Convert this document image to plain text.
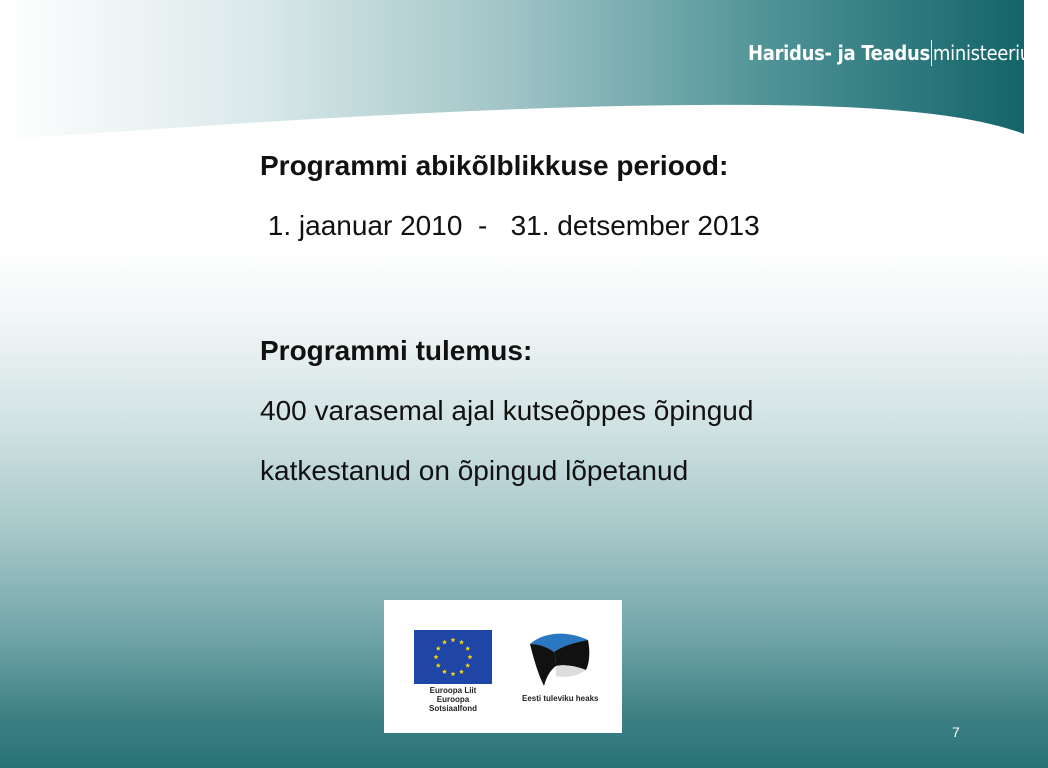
Haridus- ja Teadus ministeerium
Programmi abikõlblikkuse periood:
1. jaanuar 2010  -   31. detsember 2013
Programmi tulemus:
400 varasemal ajal kutseõppes õpingud
katkestanud on õpingud lõpetanud
Euroopa Liit
Euroopa Sotsiaalfond
Eesti tuleviku heaks
7
